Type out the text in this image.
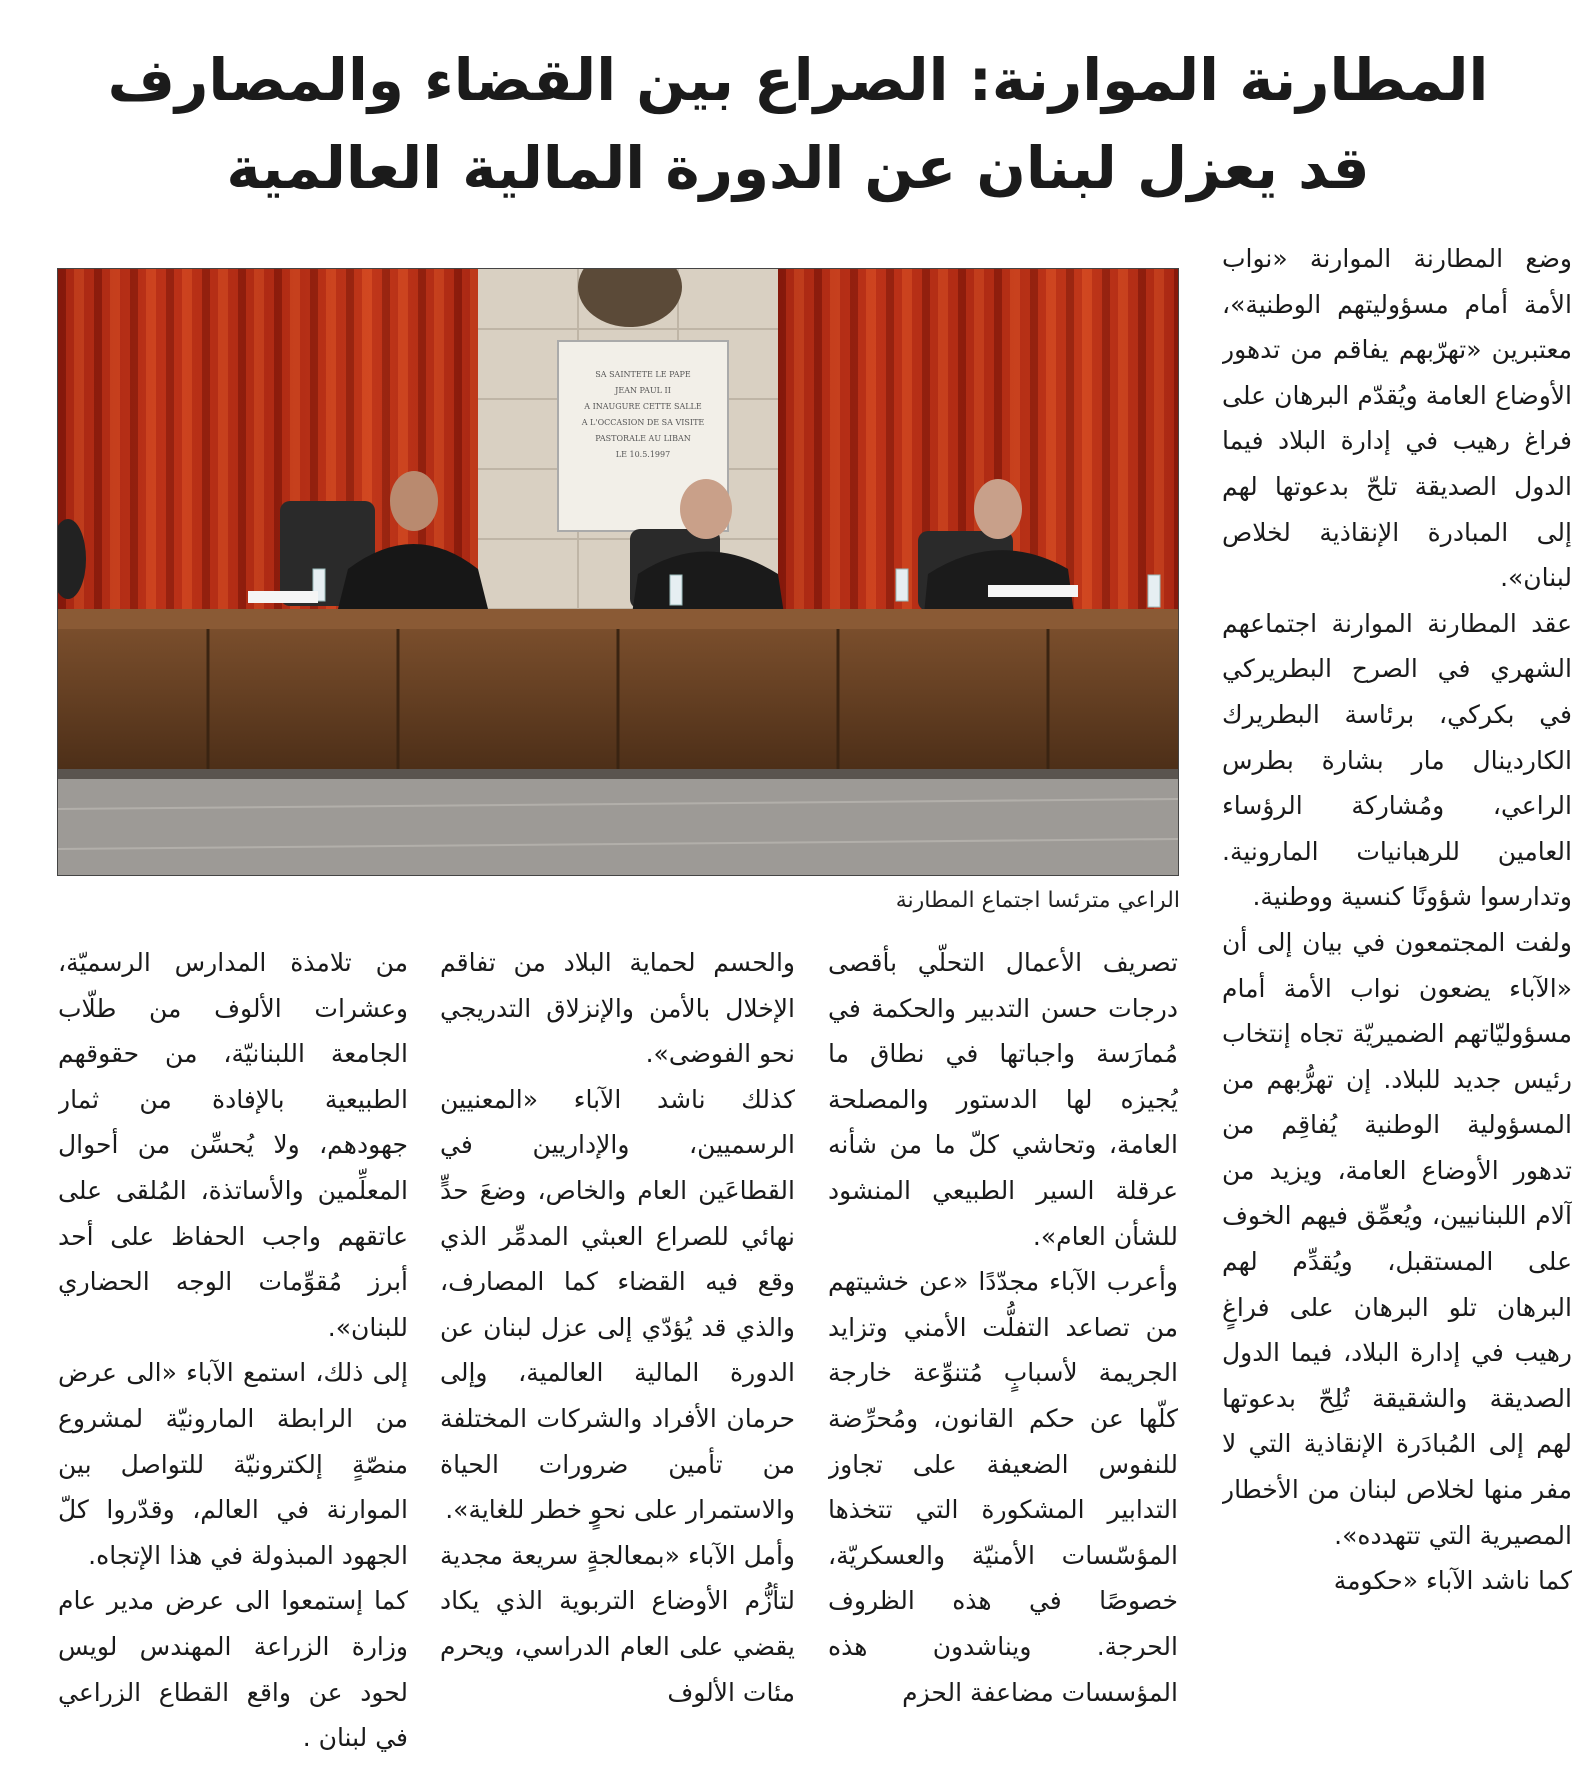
المطارنة الموارنة: الصراع بين القضاء والمصارف
قد يعزل لبنان عن الدورة المالية العالمية

وضع المطارنة الموارنة «نواب الأمة أمام مسؤوليتهم الوطنية»، معتبرين «تهرّبهم يفاقم من تدهور الأوضاع العامة ويُقدّم البرهان على فراغ رهيب في إدارة البلاد فيما الدول الصديقة تلحّ بدعوتها لهم إلى المبادرة الإنقاذية لخلاص لبنان».

عقد المطارنة الموارنة اجتماعهم الشهري في الصرح البطريركي في بكركي، برئاسة البطريرك الكاردينال مار بشارة بطرس الراعي، ومُشاركة الرؤساء العامين للرهبانيات المارونية. وتدارسوا شؤونًا كنسية ووطنية.

ولفت المجتمعون في بيان إلى أن «الآباء يضعون نواب الأمة أمام مسؤوليّاتهم الضميريّة تجاه إنتخاب رئيس جديد للبلاد. إن تهرُّبهم من المسؤولية الوطنية يُفاقِم من تدهور الأوضاع العامة، ويزيد من آلام اللبنانيين، ويُعمِّق فيهم الخوف على المستقبل، ويُقدِّم لهم البرهان تلو البرهان على فراغٍ رهيب في إدارة البلاد، فيما الدول الصديقة والشقيقة تُلِحّ بدعوتها لهم إلى المُبادَرة الإنقاذية التي لا مفر منها لخلاص لبنان من الأخطار المصيرية التي تتهدده».

كما ناشد الآباء «حكومة

SA SAINTETE LE PAPE
JEAN PAUL II
A INAUGURE CETTE SALLE
A L'OCCASION DE SA VISITE
PASTORALE AU LIBAN
LE 10.5.1997
الراعي مترئسا اجتماع المطارنة

تصريف الأعمال التحلّي بأقصى درجات حسن التدبير والحكمة في مُمارَسة واجباتها في نطاق ما يُجيزه لها الدستور والمصلحة العامة، وتحاشي كلّ ما من شأنه عرقلة السير الطبيعي المنشود للشأن العام».

وأعرب الآباء مجدّدًا «عن خشيتهم من تصاعد التفلُّت الأمني وتزايد الجريمة لأسبابٍ مُتنوِّعة خارجة كلّها عن حكم القانون، ومُحرِّضة للنفوس الضعيفة على تجاوز التدابير المشكورة التي تتخذها المؤسّسات الأمنيّة والعسكريّة، خصوصًا في هذه الظروف الحرجة. ويناشدون هذه المؤسسات مضاعفة الحزم

والحسم لحماية البلاد من تفاقم الإخلال بالأمن والإنزلاق التدريجي نحو الفوضى».

كذلك ناشد الآباء «المعنيين الرسميين، والإداريين في القطاعَين العام والخاص، وضعَ حدٍّ نهائي للصراع العبثي المدمِّر الذي وقع فيه القضاء كما المصارف، والذي قد يُؤدّي إلى عزل لبنان عن الدورة المالية العالمية، وإلى حرمان الأفراد والشركات المختلفة من تأمين ضرورات الحياة والاستمرار على نحوٍ خطر للغاية».

وأمل الآباء «بمعالجةٍ سريعة مجدية لتأزُّم الأوضاع التربوية الذي يكاد يقضي على العام الدراسي، ويحرم مئات الألوف

من تلامذة المدارس الرسميّة، وعشرات الألوف من طلّاب الجامعة اللبنانيّة، من حقوقهم الطبيعية بالإفادة من ثمار جهودهم، ولا يُحسِّن من أحوال المعلِّمين والأساتذة، المُلقى على عاتقهم واجب الحفاظ على أحد أبرز مُقوِّمات الوجه الحضاري للبنان».

إلى ذلك، استمع الآباء «الى عرض من الرابطة المارونيّة لمشروع منصّةٍ إلكترونيّة للتواصل بين الموارنة في العالم، وقدّروا كلّ الجهود المبذولة في هذا الإتجاه.

كما إستمعوا الى عرض مدير عام وزارة الزراعة المهندس لويس لحود عن واقع القطاع الزراعي في لبنان .
